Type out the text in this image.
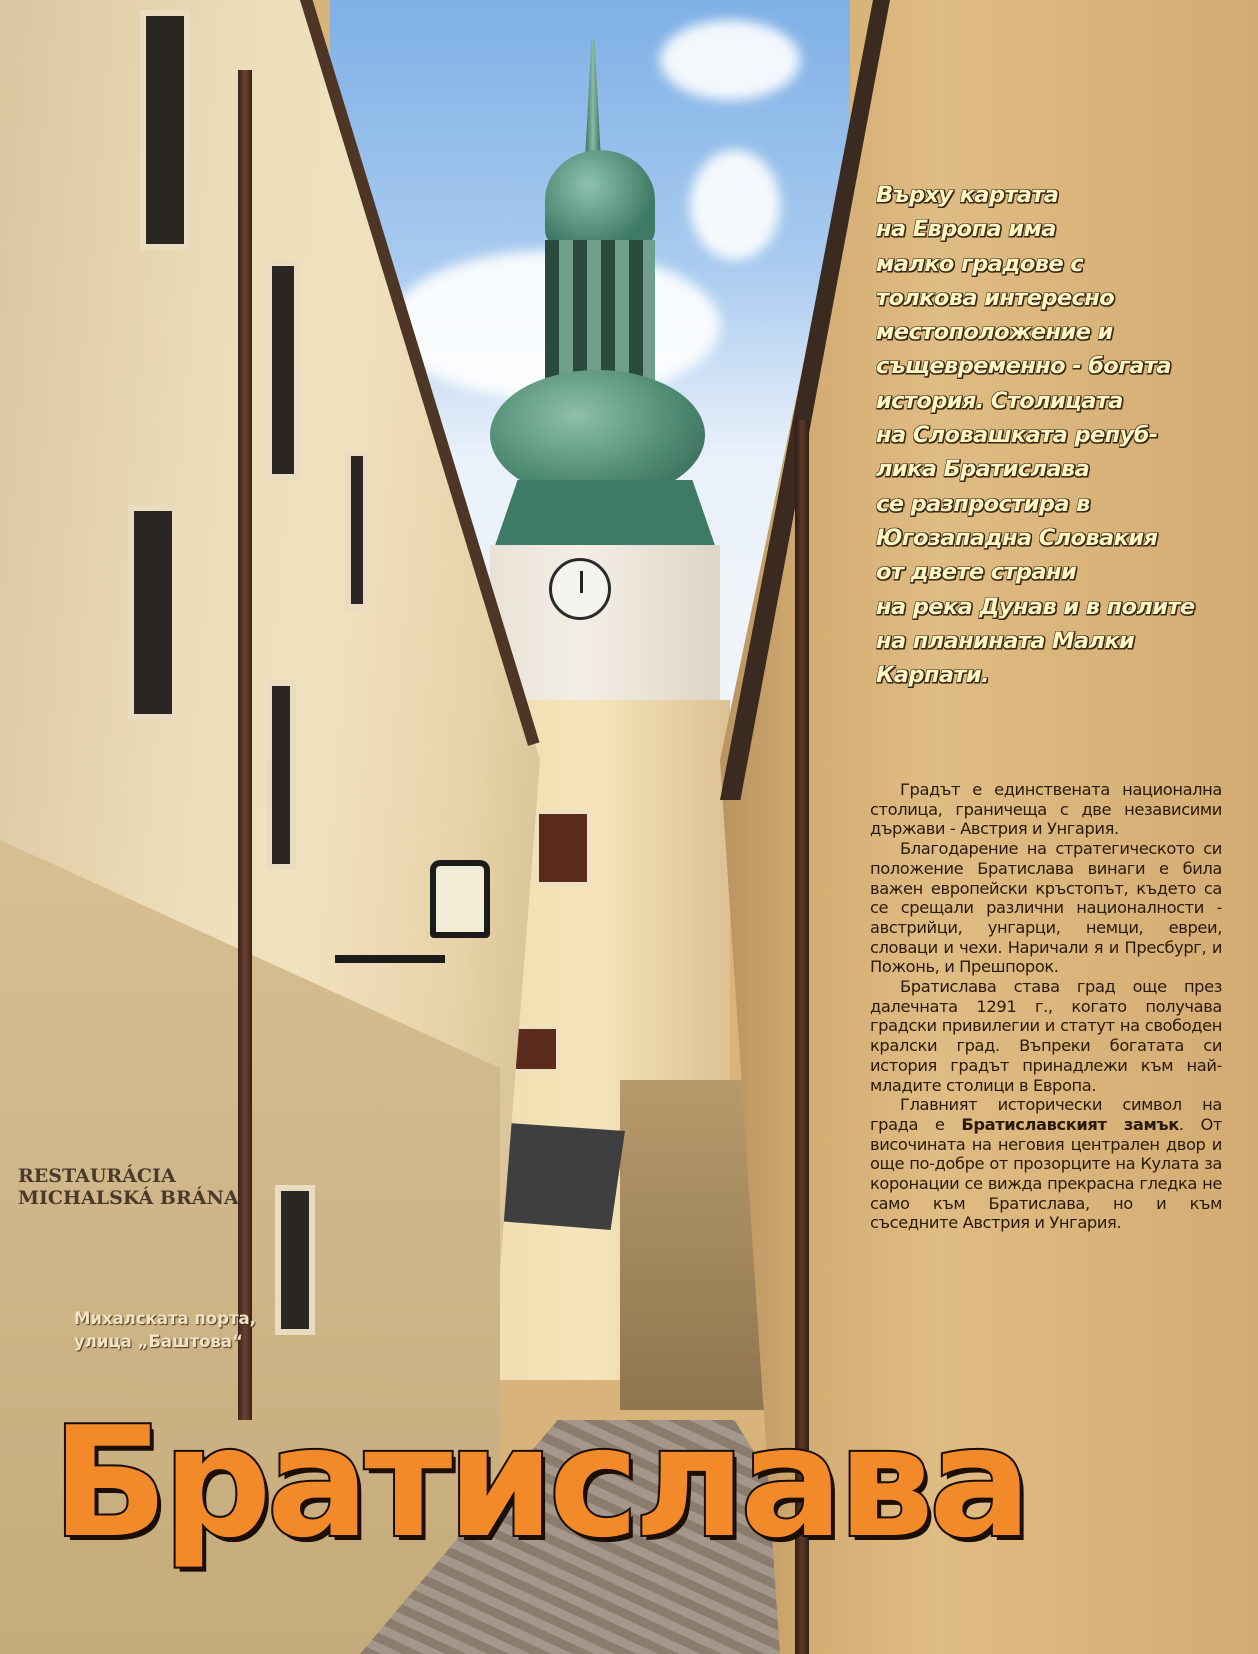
RESTAURÁCIA
MICHALSKÁ BRÁNA

Върху картата
на Европа има
малко градове с
толкова интересно
местоположение и
същевременно - богата
история. Столицата
на Словашката репуб-
лика Братислава
се разпростира в
Югозападна Словакия
от двете страни
на река Дунав и в полите
на планината Малки
Карпати.

Градът е единствената национална столица, граничеща с две независими държави - Австрия и Унгария.

Благодарение на стратегическото си положение Братислава винаги е била важен европейски кръстопът, където са се срещали различни националности - австрийци, унгарци, немци, евреи, словаци и чехи. Наричали я и Пресбург, и Пожонь, и Прешпорок.

Братислава става град още през далечната 1291 г., когато получава градски привилегии и статут на свободен кралски град. Въпреки богатата си история градът принадлежи към най-младите столици в Европа.

Главният исторически символ на града е Братиславският замък. От височината на неговия централен двор и още по-добре от прозорците на Кулата за коронации се вижда прекрасна гледка не само към Братислава, но и към съседните Австрия и Унгария.

Михалската порта,
улица „Баштова“

Братислава
